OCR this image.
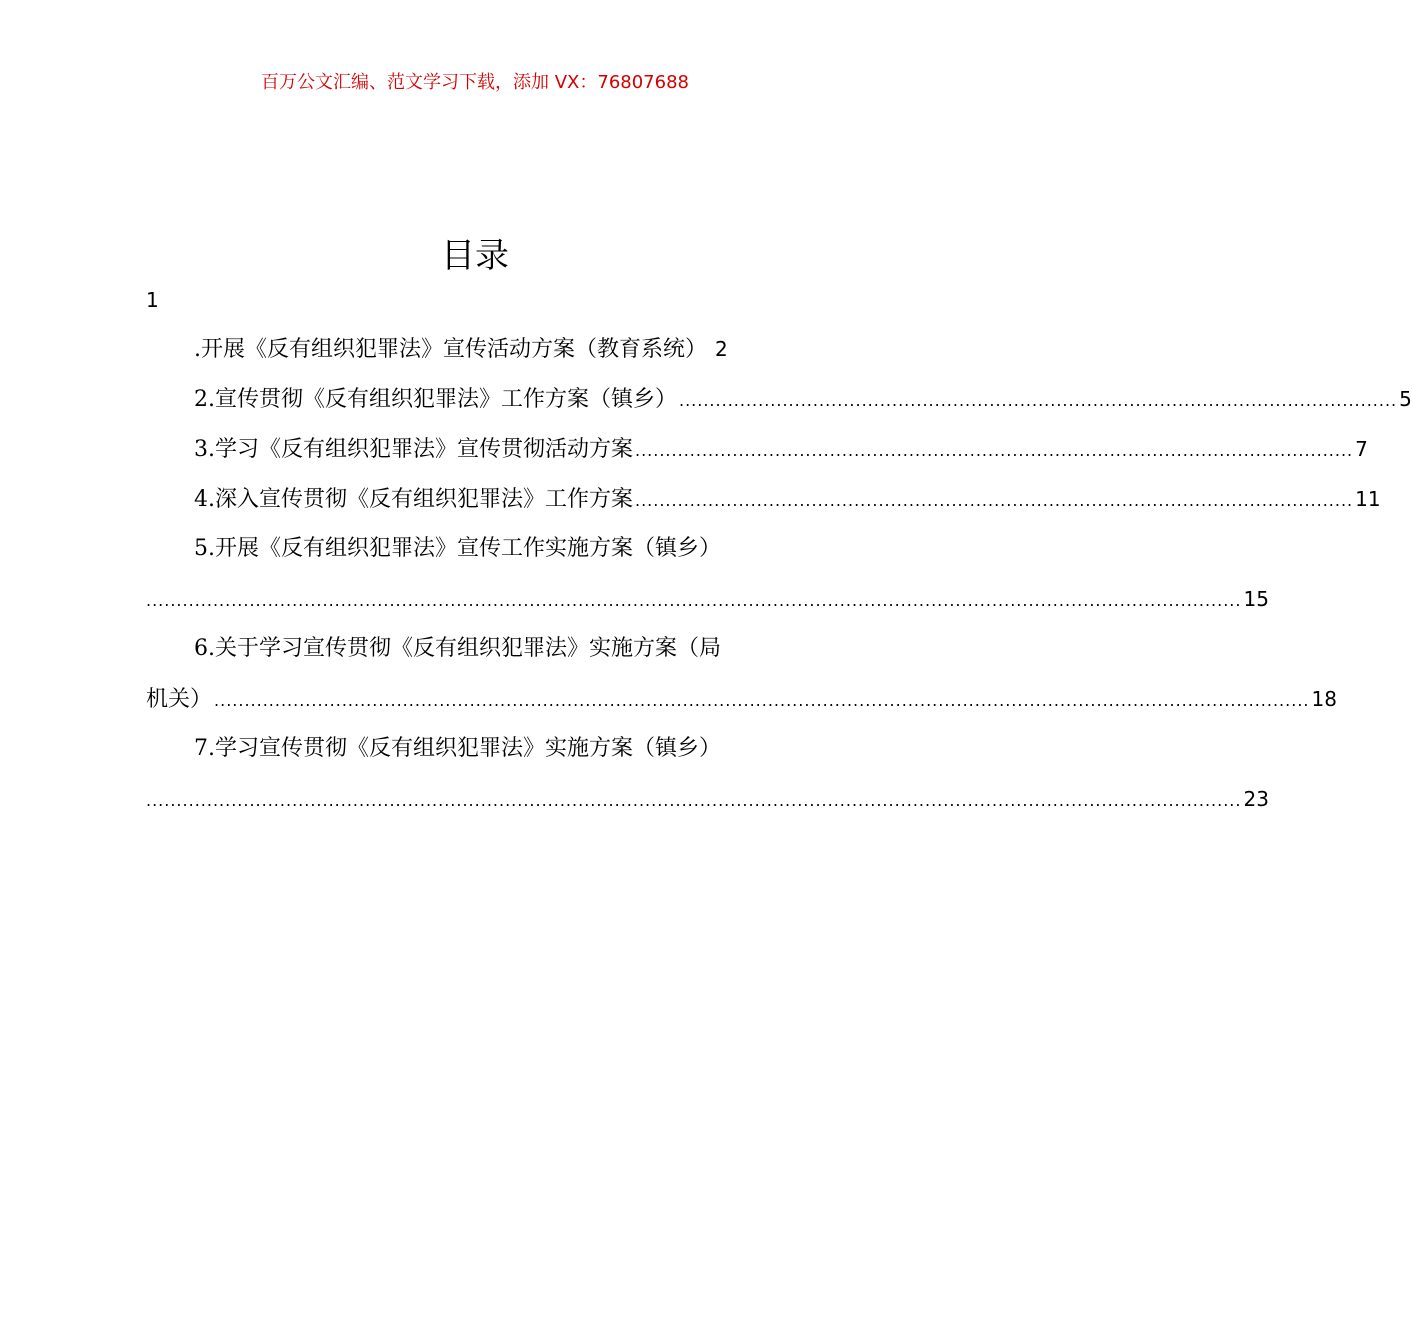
百万公文汇编、范文学习下载，添加 VX：76807688
目录
1
.开展《反有组织犯罪法》宣传活动方案（教育系统） 2
2.宣传贯彻《反有组织犯罪法》工作方案（镇乡） ...................................................................................................................... 5
3.学习《反有组织犯罪法》宣传贯彻活动方案 ...................................................................................................................... 7
4.深入宣传贯彻《反有组织犯罪法》工作方案 ...................................................................................................................... 11
5.开展《反有组织犯罪法》宣传工作实施方案（镇乡）
.................................................................................................................................................................................... 15
6.关于学习宣传贯彻《反有组织犯罪法》实施方案（局
机关） .................................................................................................................................................................................... 18
7.学习宣传贯彻《反有组织犯罪法》实施方案（镇乡）
.................................................................................................................................................................................... 23
